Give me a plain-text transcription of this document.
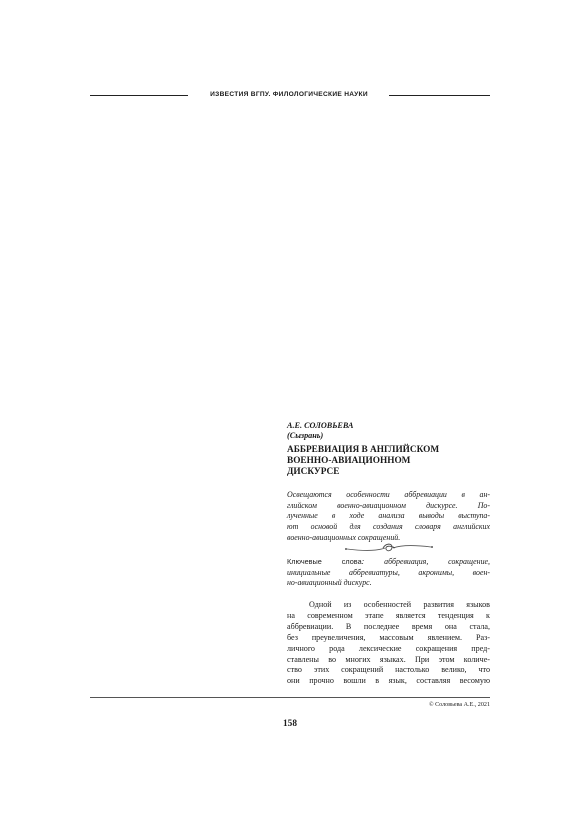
ИЗВЕСТИЯ ВГПУ. ФИЛОЛОГИЧЕСКИЕ НАУКИ
А.Е. СОЛОВЬЕВА
(Сызрань)
АББРЕВИАЦИЯ В АНГЛИЙСКОМ
ВОЕННО-АВИАЦИОННОМ
ДИСКУРСЕ
Освещаются особенности аббревиации в ан-
глийском военно-авиационном дискурсе. По-
лученные в ходе анализа выводы выступа-
ют основой для создания словаря английских
военно-авиационных сокращений.
Ключевые слова: аббревиация, сокращение,
инициальные аббревиатуры, акронимы, воен-
но-авиационный дискурс.
Одной из особенностей развития языков
на современном этапе является тенденция к
аббревиации. В последнее время она стала,
без преувеличения, массовым явлением. Раз-
личного рода лексические сокращения пред-
ставлены во многих языках. При этом количе-
ство этих сокращений настолько велико, что
они прочно вошли в язык, составляя весомую
© Соловьева А.Е., 2021
158
